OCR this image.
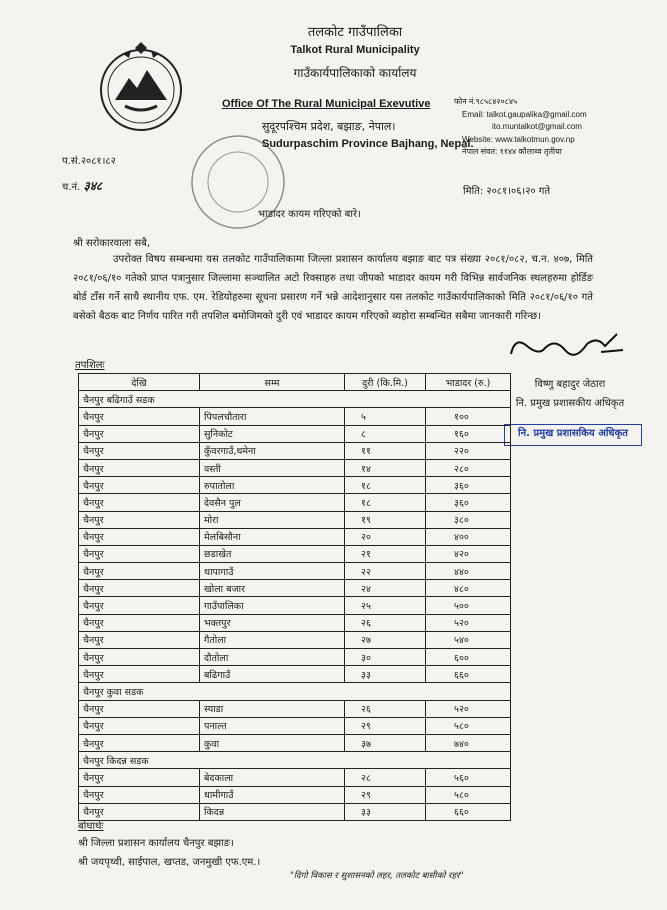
तलकोट गाउँपालिका
Talkot Rural Municipality
गाउँकार्यपालिकाको कार्यालय
Office Of The Rural Municipal Exevutive
सुदूरपश्चिम प्रदेश, बझाङ, नेपाल।
Sudurpaschim Province Bajhang, Nepal.
फोन नं.९८५८४२०८४५
Email: talkot.gaupalika@gmail.com
ito.muntalkot@gmail.com
Website: www.talkotmun.gov.np
नेपाल संवत: ११४४ कौलाथ्व तृतीया
प.सं.२०८१।८२
च.नं. ३४८	मिति: २०८१।०६।२० गते
भाडादर कायम गरिएको बारे।
श्री सरोकारवाला सबै,
उपरोक्त विषय सम्बन्धमा यस तलकोट गाउँपालिकामा जिल्ला प्रशासन कार्यालय बझाङ बाट पत्र संख्या २०८१/०८२, च.न. ४०७, मिति २०८१/०६/१० गतेको प्राप्त पत्रानुसार जिल्लामा सञ्चालित अटो रिक्साहरु तथा जीपको भाडादर कायम गरी विभिन्न सार्वजनिक स्थलहरुमा होर्डिङ बोर्ड टाँस गर्ने साथै स्थानीय एफ. एम. रेडियोहरुमा सूचना प्रसारण गर्ने भन्ने आदेशानुसार यस तलकोट गाउँकार्यपालिकाको मिति २०८१/०६/१० गते बसेको बैठक बाट निर्णय पारित गरी तपशिल बमोजिमको दुरी एवं भाडादर कायम गरिएको ब्यहोरा सम्बन्धित सबैमा जानकारी गरिन्छ।
विष्णु बहादुर जेठारा
नि. प्रमुख प्रशासकीय अधिकृत
नि. प्रमुख प्रशासकिय अधिकृत
तपशिलः
देखि	सम्म	दुरी (कि.मि.)	भाडादर (रु.)
चैनपुर बढिगाउँ सडक			
चैनपुर	पिपलचौतारा	५	१००
चैनपुर	सुनिकोट	८	१६०
चैनपुर	कुँवरगाउँ,धमेना	११	२२०
चैनपुर	वस्ती	१४	२८०
चैनपुर	रुपातोला	१८	३६०
चैनपुर	देवसैन पुल	१८	३६०
चैनपुर	मोरा	१९	३८०
चैनपुर	मेलबिसौना	२०	४००
चैनपुर	छडाखेत	२१	४२०
चैनपुर	थापागाउँ	२२	४४०
चैनपुर	खोला बजार	२४	४८०
चैनपुर	गाउँपालिका	२५	५००
चैनपुर	भक्तपुर	२६	५२०
चैनपुर	गैतोला	२७	५४०
चैनपुर	दौतोला	३०	६००
चैनपुर	बढिगाउँ	३३	६६०
चैनपुर कुवा सडक			
चैनपुर	स्याडा	२६	५२०
चैनपुर	पनाल्त	२९	५८०
चैनपुर	कुवा	३७	७४०
चैनपुर किदन्न सडक			
चैनपुर	बेदकाला	२८	५६०
चैनपुर	धामीगाउँ	२९	५८०
चैनपुर	किदन्न	३३	६६०
बोधार्थः
श्री जिल्ला प्रशासन कार्यालय चैनपुर बझाङ।
श्री जयपृथ्वी, साईपाल, खप्तड, जनमुखी एफ.एम.।
"दिगो विकास र सुशासनको लहर, तलकोट बासीको रहर"
